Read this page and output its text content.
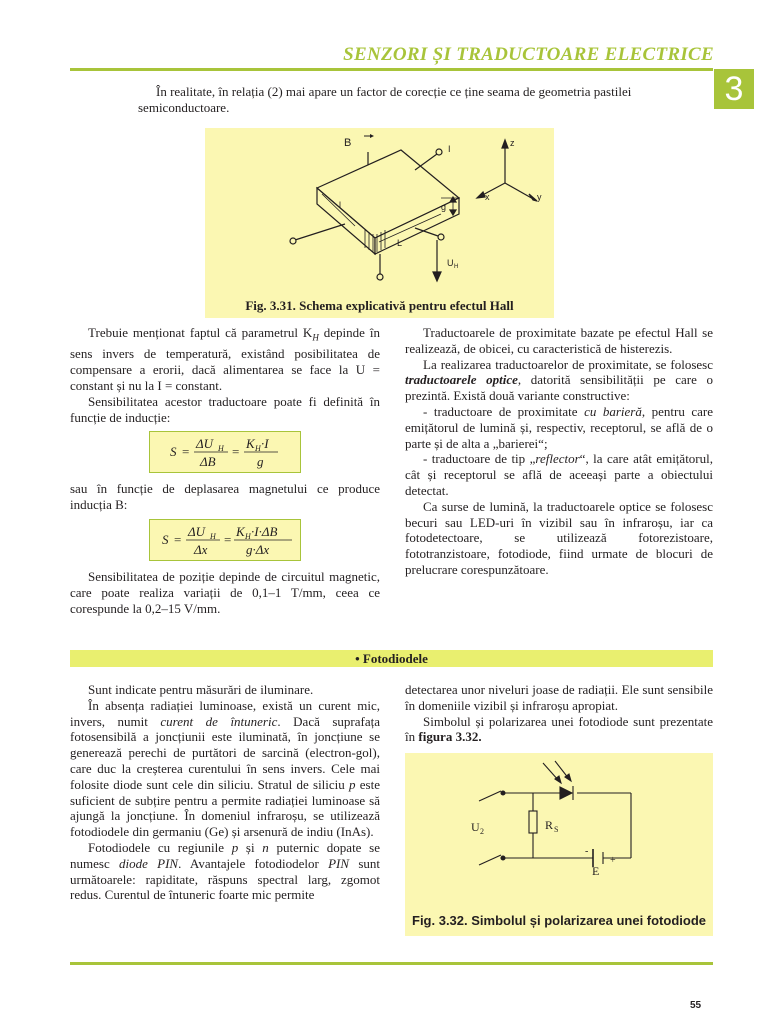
SENZORI ȘI TRADUCTOARE ELECTRICE
3

În realitate, în relația (2) mai apare un factor de corecție ce ține seama de geometria pastilei semiconductoare.

B	I
l	g
L
U H
z
x	y
Fig. 3.31. Schema explicativă pentru efectul Hall

Trebuie menționat faptul că parametrul $K_H$ depinde în sens invers de temperatură, existând posibilitatea de compensare a erorii, dacă alimentarea se face la U = constant și nu la I = constant.

Sensibilitatea acestor traductoare poate fi definită în funcție de inducție:

S =
ΔU H
ΔB
=
K H ·I
g

sau în funcție de deplasarea magnetului ce produce inducția B:

S =
ΔU H
Δx
=
K H ·I·ΔB
g·Δx

Sensibilitatea de poziție depinde de circuitul magnetic, care poate realiza variații de 0,1–1 T/mm, ceea ce corespunde la 0,2–15 V/mm.

Traductoarele de proximitate bazate pe efectul Hall se realizează, de obicei, cu caracteristică de histerezis.

La realizarea traductoarelor de proximitate, se folosesc traductoarele optice, datorită sensibilității pe care o prezintă. Există două variante constructive:

- traductoare de proximitate cu barieră, pentru care emițătorul de lumină și, respectiv, receptorul, se află de o parte și de alta a „barierei“;

- traductoare de tip „reflector“, la care atât emițătorul, cât și receptorul se află de aceeași parte a obiectului detectat.

Ca surse de lumină, la traductoarele optice se folosesc becuri sau LED-uri în vizibil sau în infraroșu, iar ca fotodetectoare, se utilizează fotorezistoare, fototranzistoare, fotodiode, fiind urmate de blocuri de prelucrare corespunzătoare.

• Fotodiodele

Sunt indicate pentru măsurări de iluminare.

În absența radiației luminoase, există un curent mic, invers, numit curent de întuneric. Dacă suprafața fotosensibilă a joncțiunii este iluminată, în joncțiune se generează perechi de purtători de sarcină (electron-gol), care duc la creșterea curentului în sens invers. Cele mai folosite diode sunt cele din siliciu. Stratul de siliciu p este suficient de subțire pentru a permite radiației luminoase să ajungă la joncțiune. În domeniul infraroșu, se utilizează fotodiodele din germaniu (Ge) și arsenură de indiu (InAs).

Fotodiodele cu regiunile p și n puternic dopate se numesc diode PIN. Avantajele fotodiodelor PIN sunt următoarele: rapiditate, răspuns spectral larg, zgomot redus. Curentul de întuneric foarte mic permite

detectarea unor niveluri joase de radiații. Ele sunt sensibile în domeniile vizibil și infraroșu apropiat.

Simbolul și polarizarea unei fotodiode sunt prezentate în figura 3.32.

U 2	R S
E
+
-
Fig. 3.32. Simbolul și polarizarea unei fotodiode
55
